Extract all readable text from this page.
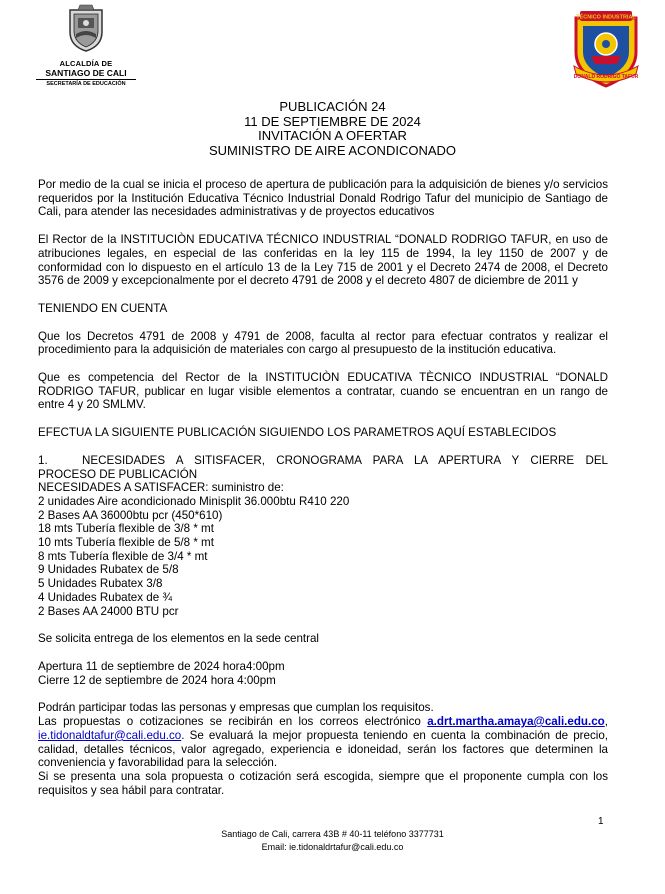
ALCALDÍA DE
SANTIAGO DE CALI
SECRETARÍA DE EDUCACIÓN
TÉCNICO INDUSTRIAL
DONALD RODRIGO TAFUR
PUBLICACIÓN 24
11 DE SEPTIEMBRE DE 2024
INVITACIÓN A OFERTAR
SUMINISTRO DE AIRE ACONDICONADO

Por medio de la cual se inicia el proceso de apertura de publicación para la adquisición de bienes y/o servicios requeridos por la Institución Educativa Técnico Industrial Donald Rodrigo Tafur del municipio de Santiago de Cali, para atender las necesidades administrativas y de proyectos educativos

El Rector de la INSTITUCIÒN EDUCATIVA TÉCNICO INDUSTRIAL “DONALD RODRIGO TAFUR, en uso de atribuciones legales, en especial de las conferidas en la ley 115 de 1994, la ley 1150 de 2007 y de conformidad con lo dispuesto en el artículo 13 de la Ley 715 de 2001 y el Decreto 2474 de 2008, el Decreto 3576 de 2009 y excepcionalmente por el decreto 4791 de 2008 y el decreto 4807 de diciembre de 2011 y

TENIENDO EN CUENTA

Que los Decretos 4791 de 2008 y 4791 de 2008, faculta al rector para efectuar contratos y realizar el procedimiento para la adquisición de materiales con cargo al presupuesto de la institución educativa.

Que es competencia del Rector de la INSTITUCIÒN EDUCATIVA TÈCNICO INDUSTRIAL “DONALD RODRIGO TAFUR, publicar en lugar visible elementos a contratar, cuando se encuentran en un rango de entre 4 y 20 SMLMV.

EFECTUA LA SIGUIENTE PUBLICACIÓN SIGUIENDO LOS PARAMETROS AQUÍ ESTABLECIDOS

1.	NECESIDADES A SITISFACER, CRONOGRAMA PARA LA APERTURA Y CIERRE DEL

PROCESO DE PUBLICACIÓN

NECESIDADES A SATISFACER: suministro de:

2 unidades Aire acondicionado Minisplit 36.000btu R410 220

2 Bases AA 36000btu pcr (450*610)

18 mts Tubería flexible de 3/8 * mt

10 mts Tubería flexible de 5/8 * mt

8 mts Tubería flexible de 3/4 * mt

9 Unidades Rubatex de 5/8

5 Unidades Rubatex 3/8

4 Unidades Rubatex de ¾

2 Bases AA 24000 BTU pcr

Se solicita entrega de los elementos en la sede central

Apertura 11 de septiembre de 2024 hora4:00pm

Cierre 12 de septiembre de 2024 hora 4:00pm

Podrán participar todas las personas y empresas que cumplan los requisitos.

Las propuestas o cotizaciones se recibirán en los correos electrónico a.drt.martha.amaya@cali.edu.co, ie.tidonaldtafur@cali.edu.co. Se evaluará la mejor propuesta teniendo en cuenta la combinación de precio, calidad, detalles técnicos, valor agregado, experiencia e idoneidad, serán los factores que determinen la conveniencia y favorabilidad para la selección.

Si se presenta una sola propuesta o cotización será escogida, siempre que el proponente cumpla con los requisitos y sea hábil para contratar.

1
Santiago de Cali, carrera 43B # 40-11 teléfono 3377731
Email: ie.tidonaldrtafur@cali.edu.co
